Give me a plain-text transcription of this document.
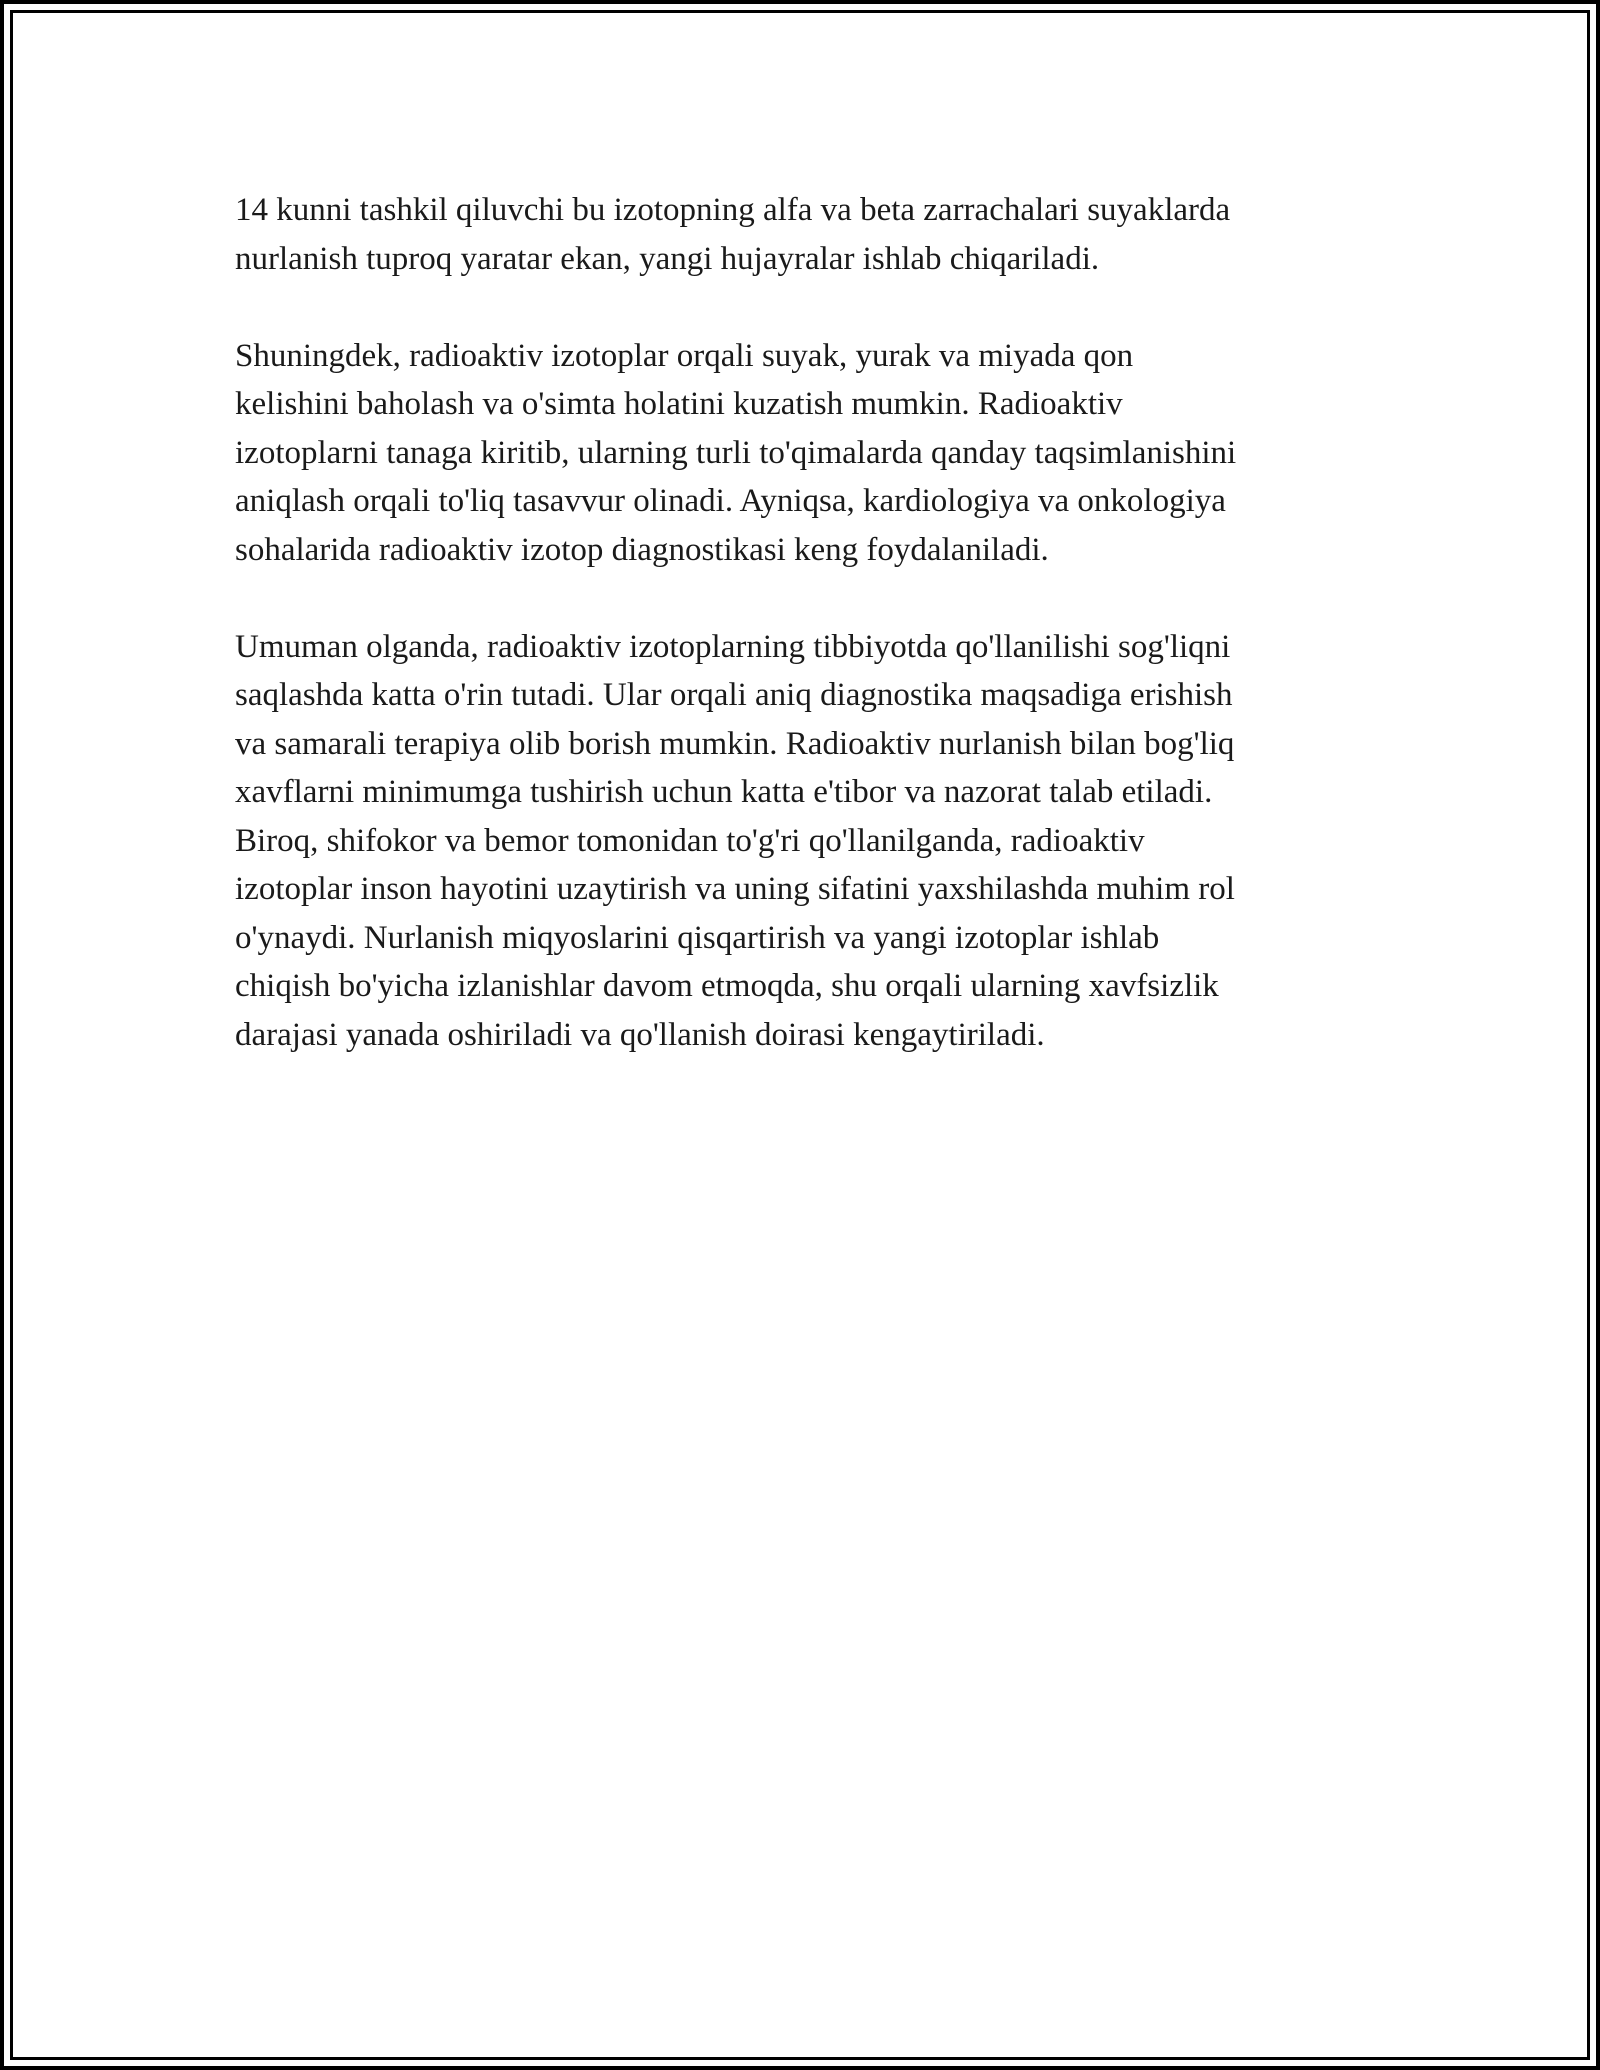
14 kunni tashkil qiluvchi bu izotopning alfa va beta zarrachalari suyaklarda
nurlanish tuproq yaratar ekan, yangi hujayralar ishlab chiqariladi.

Shuningdek, radioaktiv izotoplar orqali suyak, yurak va miyada qon
kelishini baholash va o'simta holatini kuzatish mumkin. Radioaktiv
izotoplarni tanaga kiritib, ularning turli to'qimalarda qanday taqsimlanishini
aniqlash orqali to'liq tasavvur olinadi. Ayniqsa, kardiologiya va onkologiya
sohalarida radioaktiv izotop diagnostikasi keng foydalaniladi.

Umuman olganda, radioaktiv izotoplarning tibbiyotda qo'llanilishi sog'liqni
saqlashda katta o'rin tutadi. Ular orqali aniq diagnostika maqsadiga erishish
va samarali terapiya olib borish mumkin. Radioaktiv nurlanish bilan bog'liq
xavflarni minimumga tushirish uchun katta e'tibor va nazorat talab etiladi.
Biroq, shifokor va bemor tomonidan to'g'ri qo'llanilganda, radioaktiv
izotoplar inson hayotini uzaytirish va uning sifatini yaxshilashda muhim rol
o'ynaydi. Nurlanish miqyoslarini qisqartirish va yangi izotoplar ishlab
chiqish bo'yicha izlanishlar davom etmoqda, shu orqali ularning xavfsizlik
darajasi yanada oshiriladi va qo'llanish doirasi kengaytiriladi.
